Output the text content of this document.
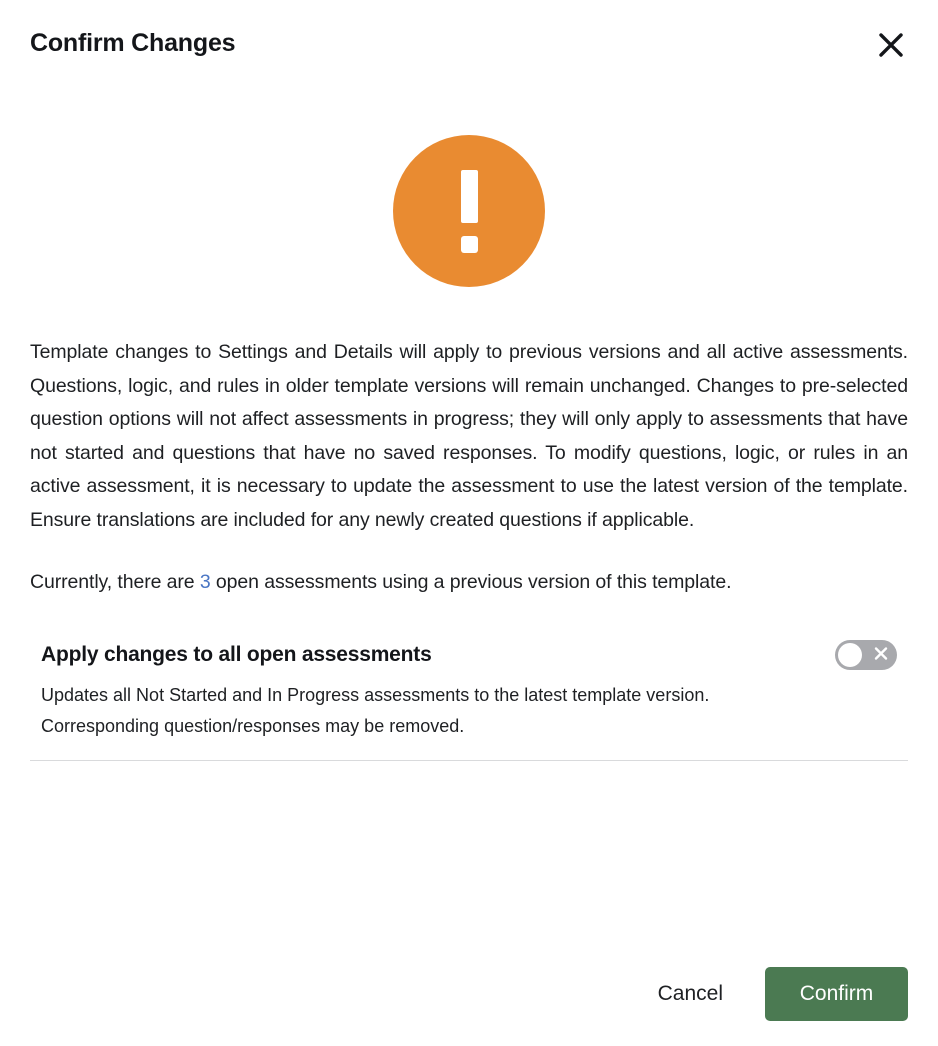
Confirm Changes

Template changes to Settings and Details will apply to previous versions and all active assessments. Questions, logic, and rules in older template versions will remain unchanged. Changes to pre-selected question options will not affect assessments in progress; they will only apply to assessments that have not started and questions that have no saved responses. To modify questions, logic, or rules in an active assessment, it is necessary to update the assessment to use the latest version of the template. Ensure translations are included for any newly created questions if applicable.

Currently, there are 3 open assessments using a previous version of this template.

Apply changes to all open assessments
Updates all Not Started and In Progress assessments to the latest template version. Corresponding question/responses may be removed.
Cancel	Confirm
